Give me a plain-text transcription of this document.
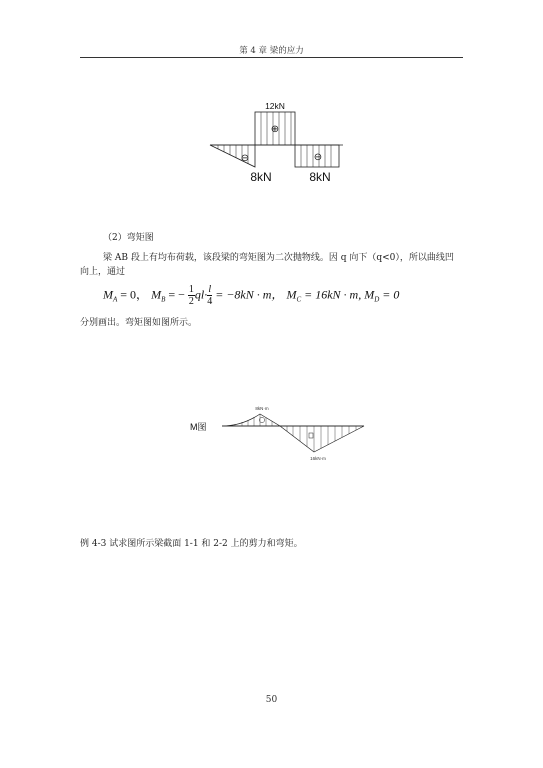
第 4 章 梁的应力
12kN
⊕
⊖	⊖
8kN	8kN
（2）弯矩图
梁 AB 段上有均布荷载，该段梁的弯矩图为二次抛物线。因 q 向下（q<0），所以曲线凹
向上，通过
$M_A = 0$， $M_B$ = − $\frac{1}{2} ql\cdot \frac{l}{4} = -8kN \cdot m$， $M_C = 16kN \cdot m$, $M_D = 0$
分别画出。弯矩图如图所示。
M图
8kN·m
16kN·m
例 4-3 试求图所示梁截面 1-1 和 2-2 上的剪力和弯矩。
50
